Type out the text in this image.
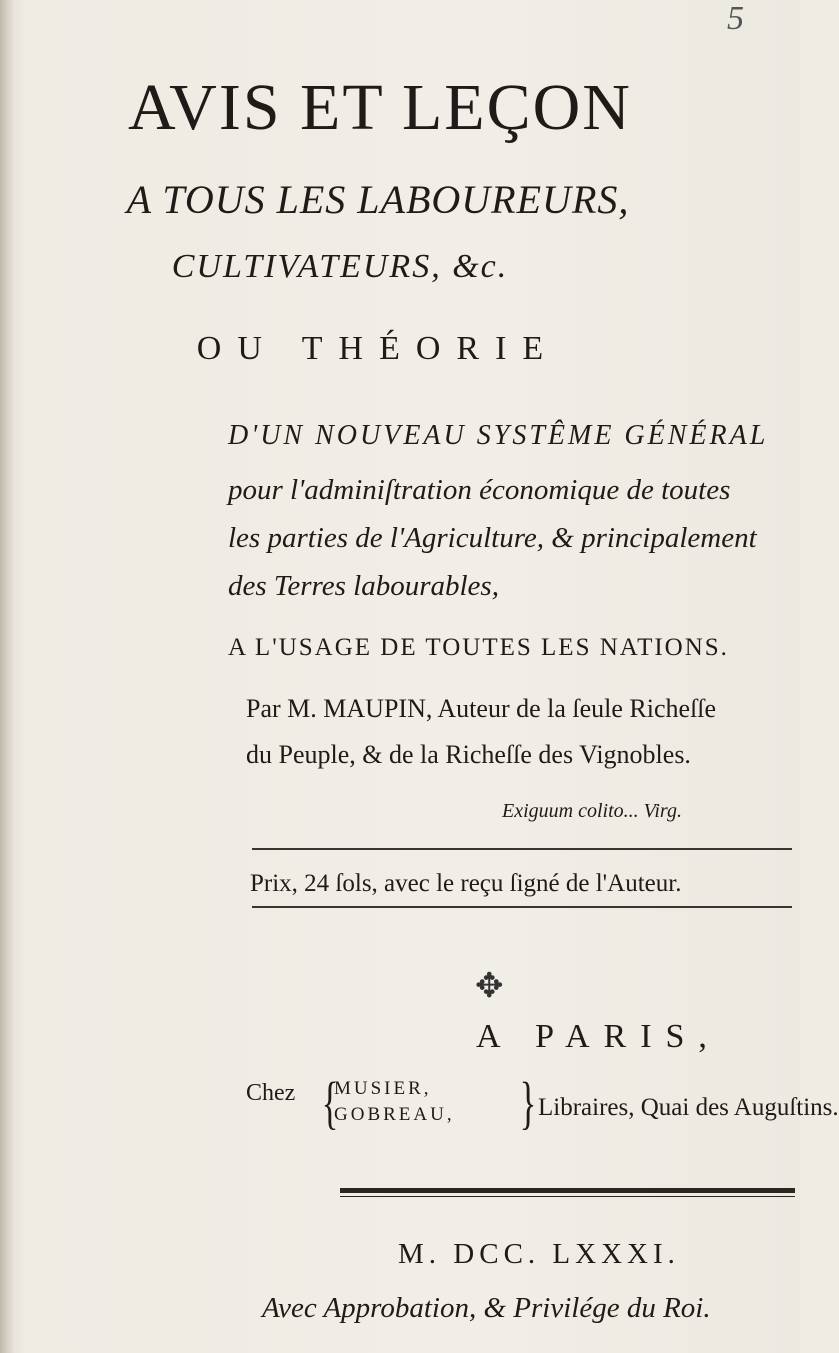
5
AVIS ET LEÇON
A TOUS LES LABOUREURS,
CULTIVATEURS, &c.
OU THÉORIE
D'UN NOUVEAU SYSTÊME GÉNÉRAL
pour l'adminiſtration économique de toutes
les parties de l'Agriculture, & principalement
des Terres labourables,
A L'USAGE DE TOUTES LES NATIONS.
Par M. MAUPIN, Auteur de la ſeule Richeſſe
du Peuple, & de la Richeſſe des Vignobles.
Exiguum colito... Virg.
Prix, 24 ſols, avec le reçu ſigné de l'Auteur.
✥
A PARIS,
Chez {
MUSIER,
GOBREAU, } Libraires, Quai des Auguſtins.
M. DCC. LXXXI.
Avec Approbation, & Privilége du Roi.
